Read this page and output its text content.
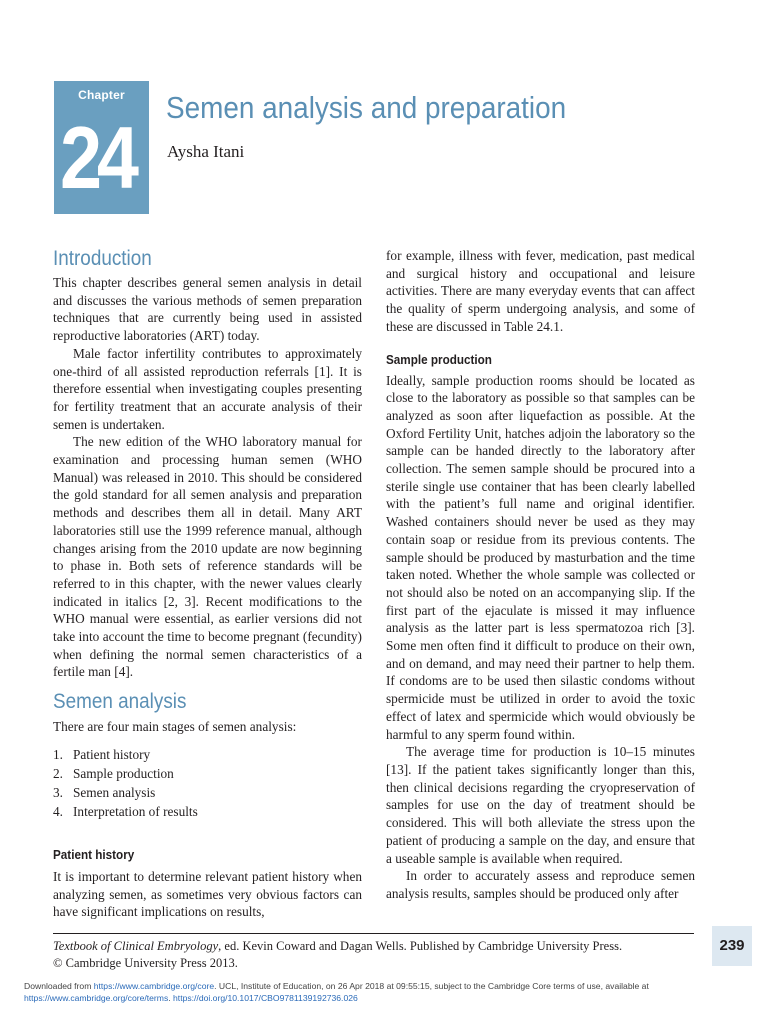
Chapter
24
Semen analysis and preparation
Aysha Itani
Introduction

This chapter describes general semen analysis in detail and discusses the various methods of semen preparation techniques that are currently being used in assisted reproductive laboratories (ART) today.

Male factor infertility contributes to approximately one-third of all assisted reproduction referrals [1]. It is therefore essential when investigating couples presenting for fertility treatment that an accurate analysis of their semen is undertaken.

The new edition of the WHO laboratory manual for examination and processing human semen (WHO Manual) was released in 2010. This should be considered the gold standard for all semen analysis and preparation methods and describes them all in detail. Many ART laboratories still use the 1999 reference manual, although changes arising from the 2010 update are now beginning to phase in. Both sets of reference standards will be referred to in this chapter, with the newer values clearly indicated in italics [2, 3]. Recent modifications to the WHO manual were essential, as earlier versions did not take into account the time to become pregnant (fecundity) when defining the normal semen characteristics of a fertile man [4].

Semen analysis

There are four main stages of semen analysis:

1. Patient history
2. Sample production
3. Semen analysis
4. Interpretation of results
Patient history

It is important to determine relevant patient history when analyzing semen, as sometimes very obvious factors can have significant implications on results,

for example, illness with fever, medication, past medical and surgical history and occupational and leisure activities. There are many everyday events that can affect the quality of sperm undergoing analysis, and some of these are discussed in Table 24.1.

Sample production

Ideally, sample production rooms should be located as close to the laboratory as possible so that samples can be analyzed as soon after liquefaction as possible. At the Oxford Fertility Unit, hatches adjoin the laboratory so the sample can be handed directly to the laboratory after collection. The semen sample should be procured into a sterile single use container that has been clearly labelled with the patient’s full name and original identifier. Washed containers should never be used as they may contain soap or residue from its previous contents. The sample should be produced by masturbation and the time taken noted. Whether the whole sample was collected or not should also be noted on an accompanying slip. If the first part of the ejaculate is missed it may influence analysis as the latter part is less spermatozoa rich [3]. Some men often find it difficult to produce on their own, and on demand, and may need their partner to help them. If condoms are to be used then silastic condoms without spermicide must be utilized in order to avoid the toxic effect of latex and spermicide which would obviously be harmful to any sperm found within.

The average time for production is 10–15 minutes [13]. If the patient takes significantly longer than this, then clinical decisions regarding the cryopreservation of samples for use on the day of treatment should be considered. This will both alleviate the stress upon the patient of producing a sample on the day, and ensure that a useable sample is available when required.

In order to accurately assess and reproduce semen analysis results, samples should be produced only after

Textbook of Clinical Embryology, ed. Kevin Coward and Dagan Wells. Published by Cambridge University Press.
© Cambridge University Press 2013.
239
Downloaded from https://www.cambridge.org/core. UCL, Institute of Education, on 26 Apr 2018 at 09:55:15, subject to the Cambridge Core terms of use, available at
https://www.cambridge.org/core/terms. https://doi.org/10.1017/CBO9781139192736.026
